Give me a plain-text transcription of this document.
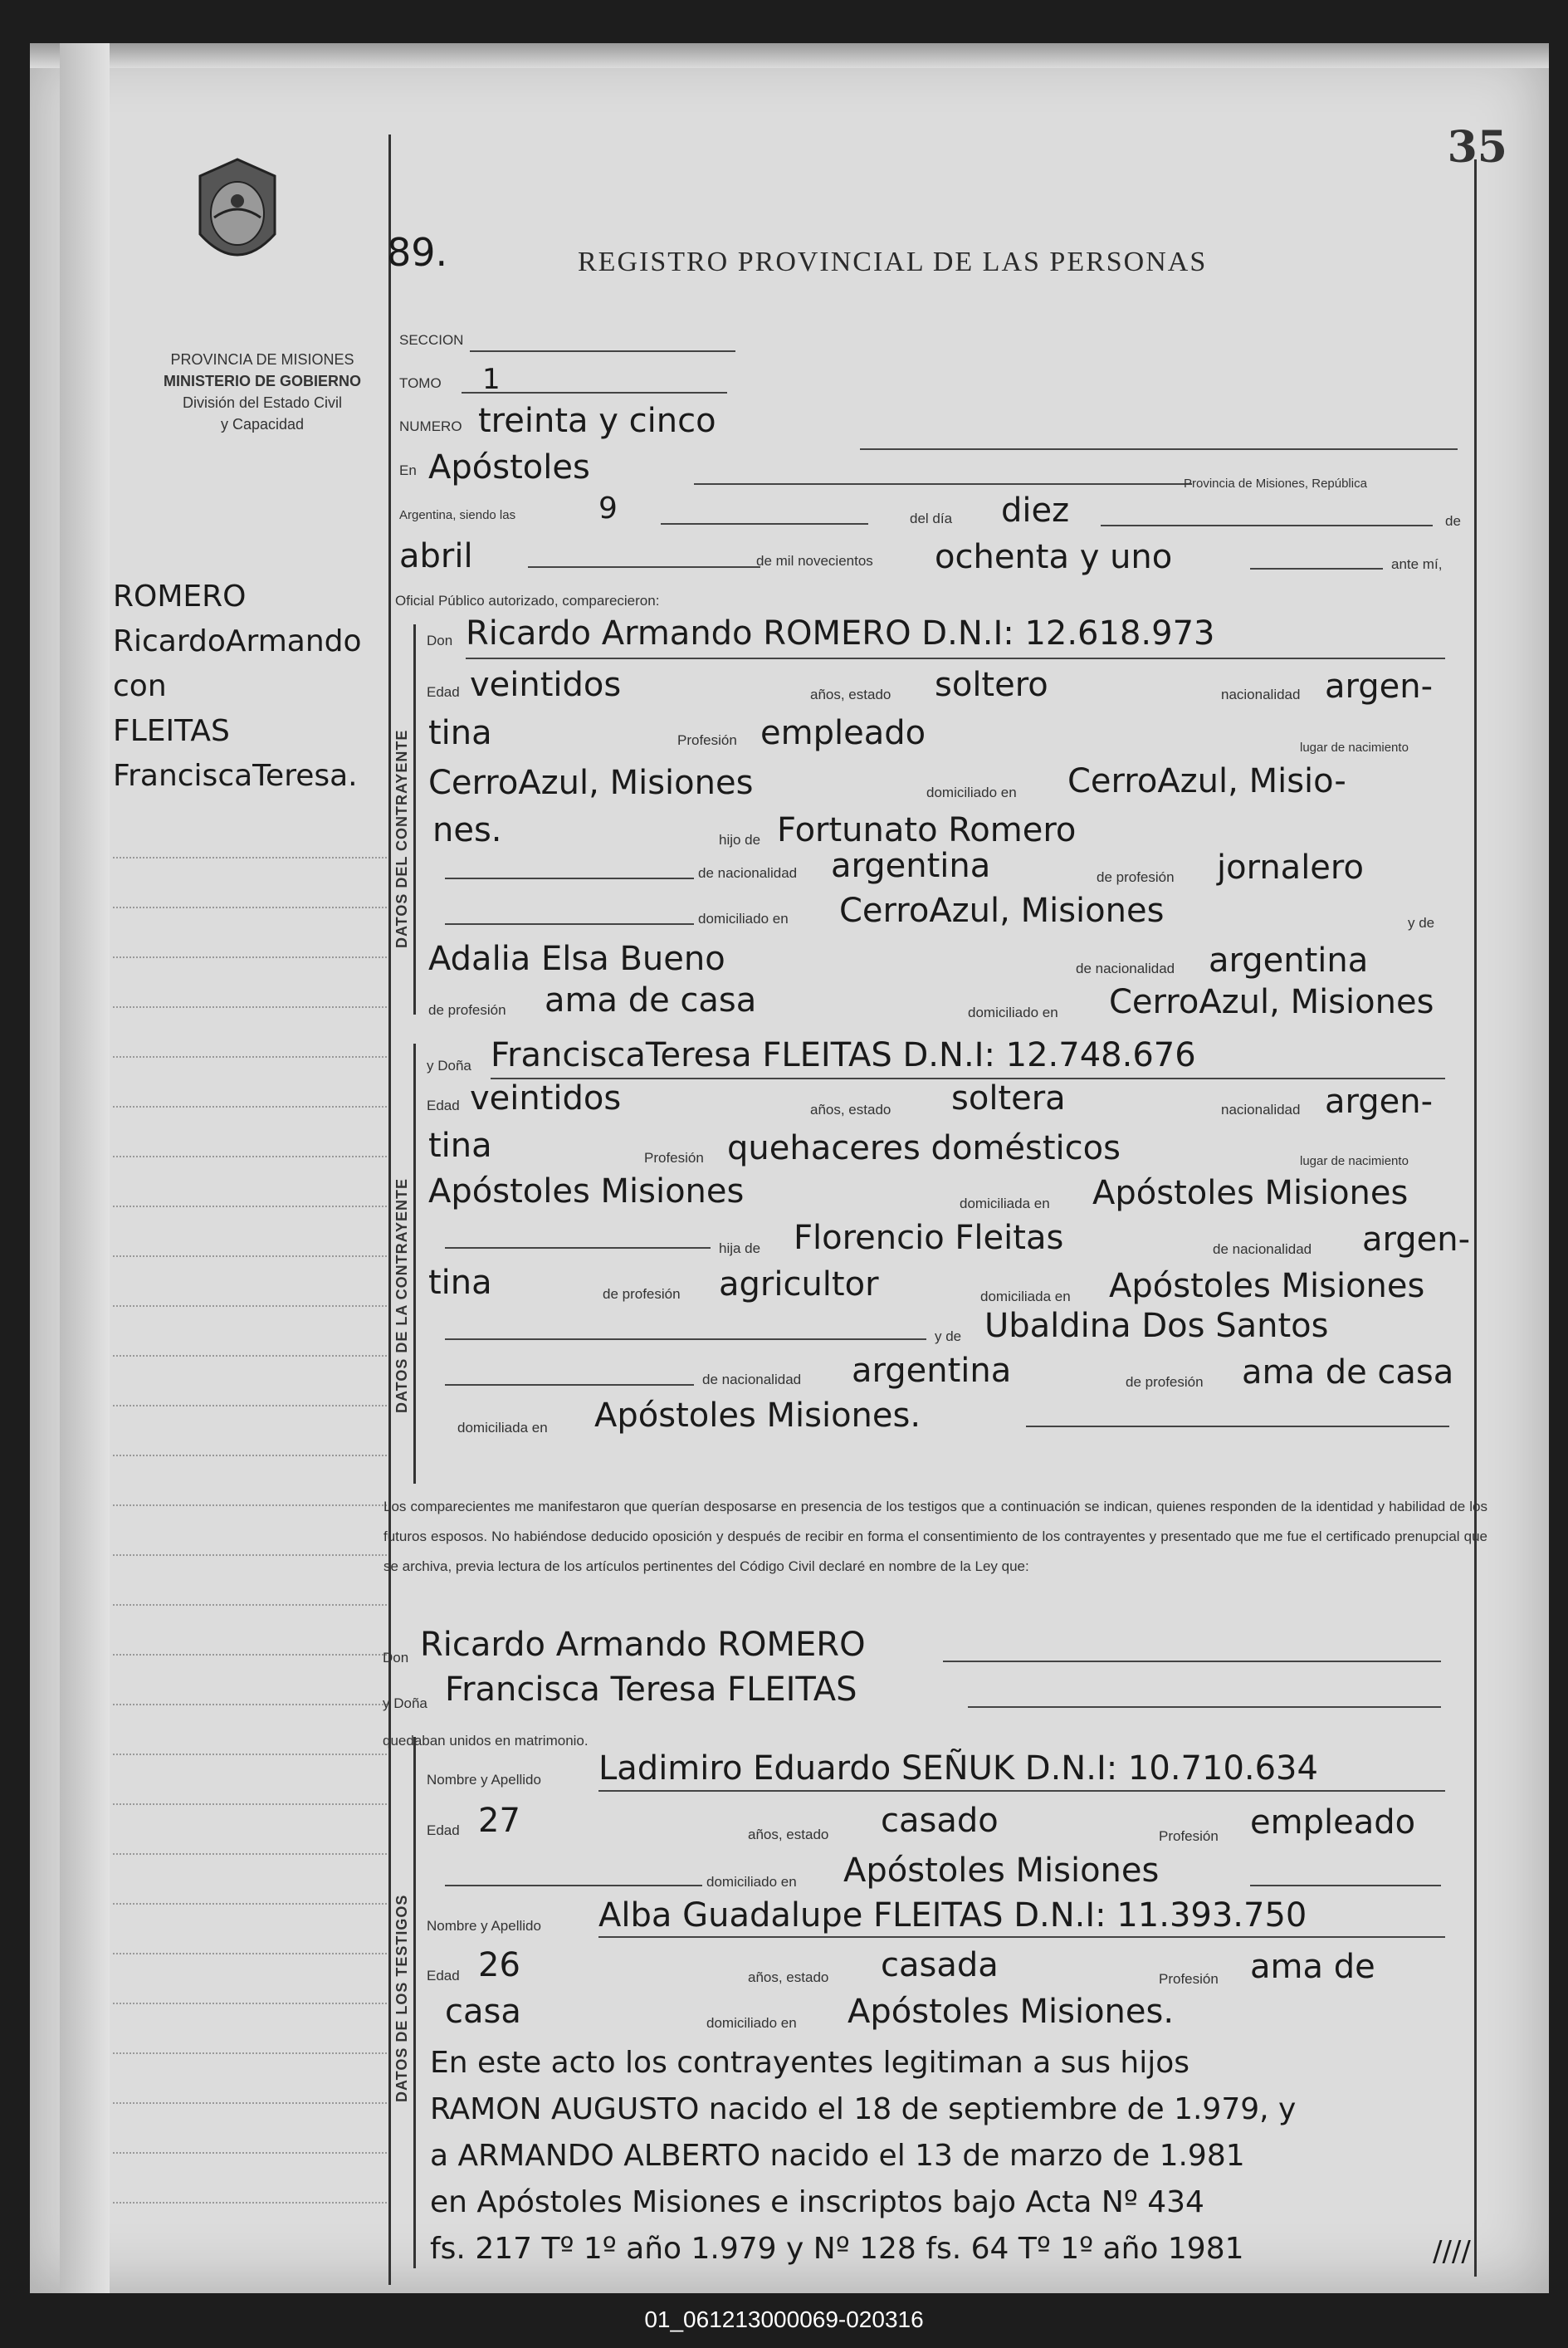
35
REGISTRO PROVINCIAL DE LAS PERSONAS
PROVINCIA DE MISIONES
MINISTERIO DE GOBIERNO
División del Estado Civil
y Capacidad
ROMERO
RicardoArmando
con
FLEITAS
FranciscaTeresa. DATOS DEL CONTRAYENTE
DATOS DE LA CONTRAYENTE
DATOS DE LOS TESTIGOS
89.
SECCION
TOMO 1
NUMERO treinta y cinco
En Apóstoles	Provincia de Misiones, República
Argentina, siendo las	9	del día diez	de
abril	de mil novecientos ochenta y uno	ante mí,
Oficial Público autorizado, comparecieron:
Don Ricardo Armando ROMERO D.N.I: 12.618.973
Edad veintidos	años, estado soltero	nacionalidad argen-
tina	Profesión empleado	lugar de nacimiento
CerroAzul, Misiones	domiciliado en CerroAzul, Misio-
nes.	hijo de Fortunato Romero
de nacionalidad argentina	de profesión jornalero
domiciliado en CerroAzul, Misiones	y de
Adalia Elsa Bueno	de nacionalidad argentina
de profesión ama de casa	domiciliado en CerroAzul, Misiones
y Doña FranciscaTeresa FLEITAS D.N.I: 12.748.676
Edad veintidos	años, estado soltera	nacionalidad argen-
tina	Profesión quehaceres domésticos	lugar de nacimiento
Apóstoles Misiones	domiciliada en Apóstoles Misiones
hija de Florencio Fleitas	de nacionalidad argen-
tina	de profesión agricultor	domiciliada en Apóstoles Misiones
y de Ubaldina Dos Santos
de nacionalidad argentina	de profesión ama de casa
domiciliada en Apóstoles Misiones.
Los comparecientes me manifestaron que querían desposarse en presencia de los testigos que a continuación se indican, quienes responden de la identidad y habilidad de los futuros esposos. No habiéndose deducido oposición y después de recibir en forma el consentimiento de los contrayentes y presentado que me fue el certificado prenupcial que se archiva, previa lectura de los artículos pertinentes del Código Civil declaré en nombre de la Ley que:
Don Ricardo Armando ROMERO
y Doña Francisca Teresa FLEITAS
quedaban unidos en matrimonio.
Nombre y Apellido Ladimiro Eduardo SEÑUK D.N.I: 10.710.634
Edad 27	años, estado casado	Profesión empleado
domiciliado en Apóstoles Misiones
Nombre y Apellido Alba Guadalupe FLEITAS D.N.I: 11.393.750
Edad 26	años, estado casada	Profesión ama de
casa	domiciliado en Apóstoles Misiones.
En este acto los contrayentes legitiman a sus hijos
RAMON AUGUSTO nacido el 18 de septiembre de 1.979, y
a ARMANDO ALBERTO nacido el 13 de marzo de 1.981
en Apóstoles Misiones e inscriptos bajo Acta Nº 434
fs. 217 Tº 1º año 1.979 y Nº 128 fs. 64 Tº 1º año 1981	////
01_061213000069-020316
